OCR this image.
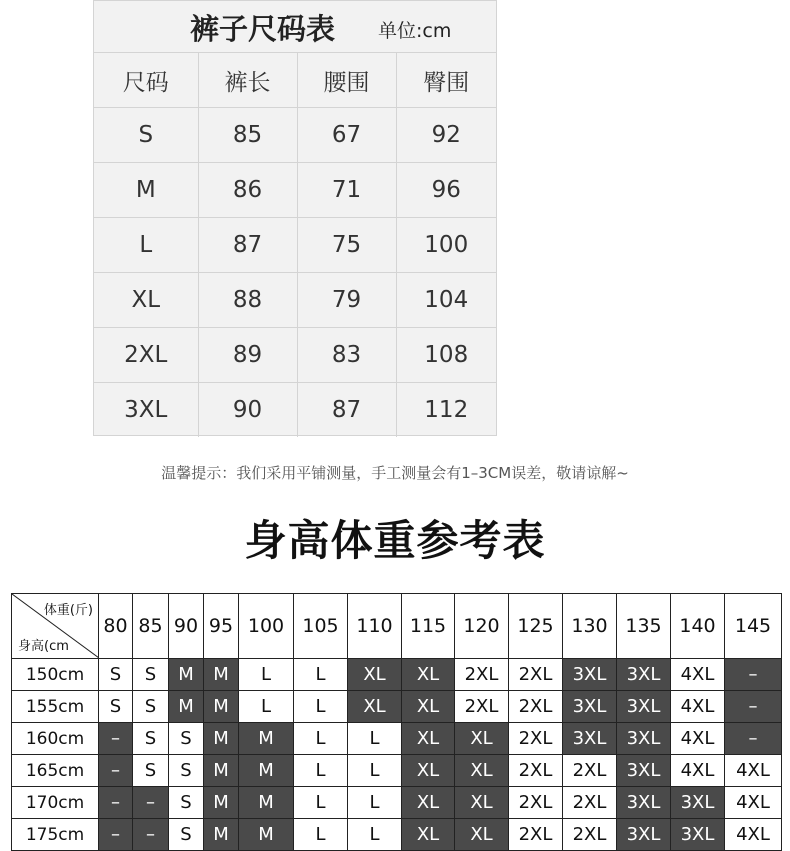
裤子尺码表 单位:cm
尺码	裤长	腰围	臀围
S	85	67	92
M	86	71	96
L	87	75	100
XL	88	79	104
2XL	89	83	108
3XL	90	87	112
温馨提示：我们采用平铺测量，手工测量会有1–3CM误差，敬请谅解~
身高体重参考表
体重(斤)
身高(cm	80	85	90	95	100	105	110	115	120	125	130	135	140	145
150cm	S	S	M	M	L	L	XL	XL	2XL	2XL	3XL	3XL	4XL	–
155cm	S	S	M	M	L	L	XL	XL	2XL	2XL	3XL	3XL	4XL	–
160cm	–	S	S	M	M	L	L	XL	XL	2XL	3XL	3XL	4XL	–
165cm	–	S	S	M	M	L	L	XL	XL	2XL	2XL	3XL	4XL	4XL
170cm	–	–	S	M	M	L	L	XL	XL	2XL	2XL	3XL	3XL	4XL
175cm	–	–	S	M	M	L	L	XL	XL	2XL	2XL	3XL	3XL	4XL
